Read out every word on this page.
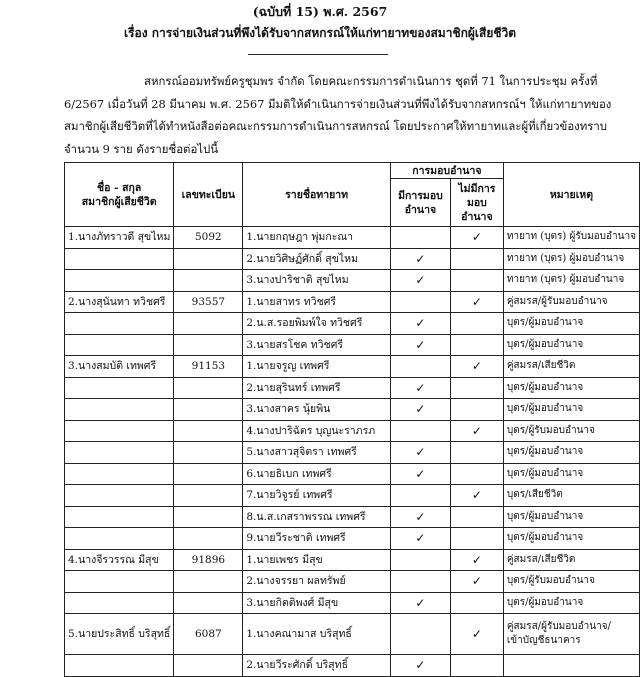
(ฉบับที่ 15) พ.ศ. 2567
เรื่อง การจ่ายเงินส่วนที่พึงได้รับจากสหกรณ์ให้แก่ทายาทของสมาชิกผู้เสียชีวิต

สหกรณ์ออมทรัพย์ครูชุมพร จำกัด โดยคณะกรรมการดำเนินการ ชุดที่ 71 ในการประชุม ครั้งที่

6/2567 เมื่อวันที่ 28 มีนาคม พ.ศ. 2567 มีมติให้ดำเนินการจ่ายเงินส่วนที่พึงได้รับจากสหกรณ์ฯ ให้แก่ทายาทของ

สมาชิกผู้เสียชีวิตที่ได้ทำหนังสือต่อคณะกรรมการดำเนินการสหกรณ์ โดยประกาศให้ทายาทและผู้ที่เกี่ยวข้องทราบ

จำนวน 9 ราย ดังรายชื่อต่อไปนี้

ชื่อ - สกุล
สมาชิกผู้เสียชีวิต	เลขทะเบียน	รายชื่อทายาท	การมอบอำนาจ		หมายเหตุ
			มีการมอบ
อำนาจ	ไม่มีการ
มอบ
อำนาจ	
1.นางภัทราวดี สุขไหม	5092	1.นายกฤษฎา พุ่มกะณา		✓	ทายาท (บุตร) ผู้รับมอบอำนาจ
		2.นายวิศิษฏ์ศักดิ์ สุขไหม	✓		ทายาท (บุตร) ผู้มอบอำนาจ
		3.นางปาริชาติ สุขไหม	✓		ทายาท (บุตร) ผู้มอบอำนาจ
2.นางสุนันทา ทวิชศรี	93557	1.นายสาทร ทวิชศรี		✓	คู่สมรส/ผู้รับมอบอำนาจ
		2.น.ส.รอยพิมพ์ใจ ทวิชศรี	✓		บุตร/ผู้มอบอำนาจ
		3.นายสรโชค ทวิชศรี	✓		บุตร/ผู้มอบอำนาจ
3.นางสมบัติ เทพศรี	91153	1.นายจรูญ เทพศรี		✓	คู่สมรส/เสียชีวิต
		2.นายสุรินทร์ เทพศรี	✓		บุตร/ผู้มอบอำนาจ
		3.นางสาคร นุ้ยพิน	✓		บุตร/ผู้มอบอำนาจ
		4.นางปาริฉัตร บุญนะราภรภ		✓	บุตร/ผู้รับมอบอำนาจ
		5.นางสาวสุจิตรา เทพศรี	✓		บุตร/ผู้มอบอำนาจ
		6.นายธิเบก เทพศรี	✓		บุตร/ผู้มอบอำนาจ
		7.นายวิจูรย์ เทพศรี		✓	บุตร/เสียชีวิต
		8.น.ส.เกสราพรรณ เทพศรี	✓		บุตร/ผู้มอบอำนาจ
		9.นายวีระชาติ เทพศรี	✓		บุตร/ผู้มอบอำนาจ
4.นางจีรวรรณ มีสุข	91896	1.นายเพชร มีสุข		✓	คู่สมรส/เสียชีวิต
		2.นางจรรยา ผลทรัพย์		✓	บุตร/ผู้รับมอบอำนาจ
		3.นายกิตติพงศ์ มีสุข	✓		บุตร/ผู้มอบอำนาจ
5.นายประสิทธิ์ บริสุทธิ์	6087	1.นางคณามาส บริสุทธิ์		✓	คู่สมรส/ผู้รับมอบอำนาจ/
เข้าบัญชีธนาคาร
		2.นายวีระศักดิ์ บริสุทธิ์	✓		
